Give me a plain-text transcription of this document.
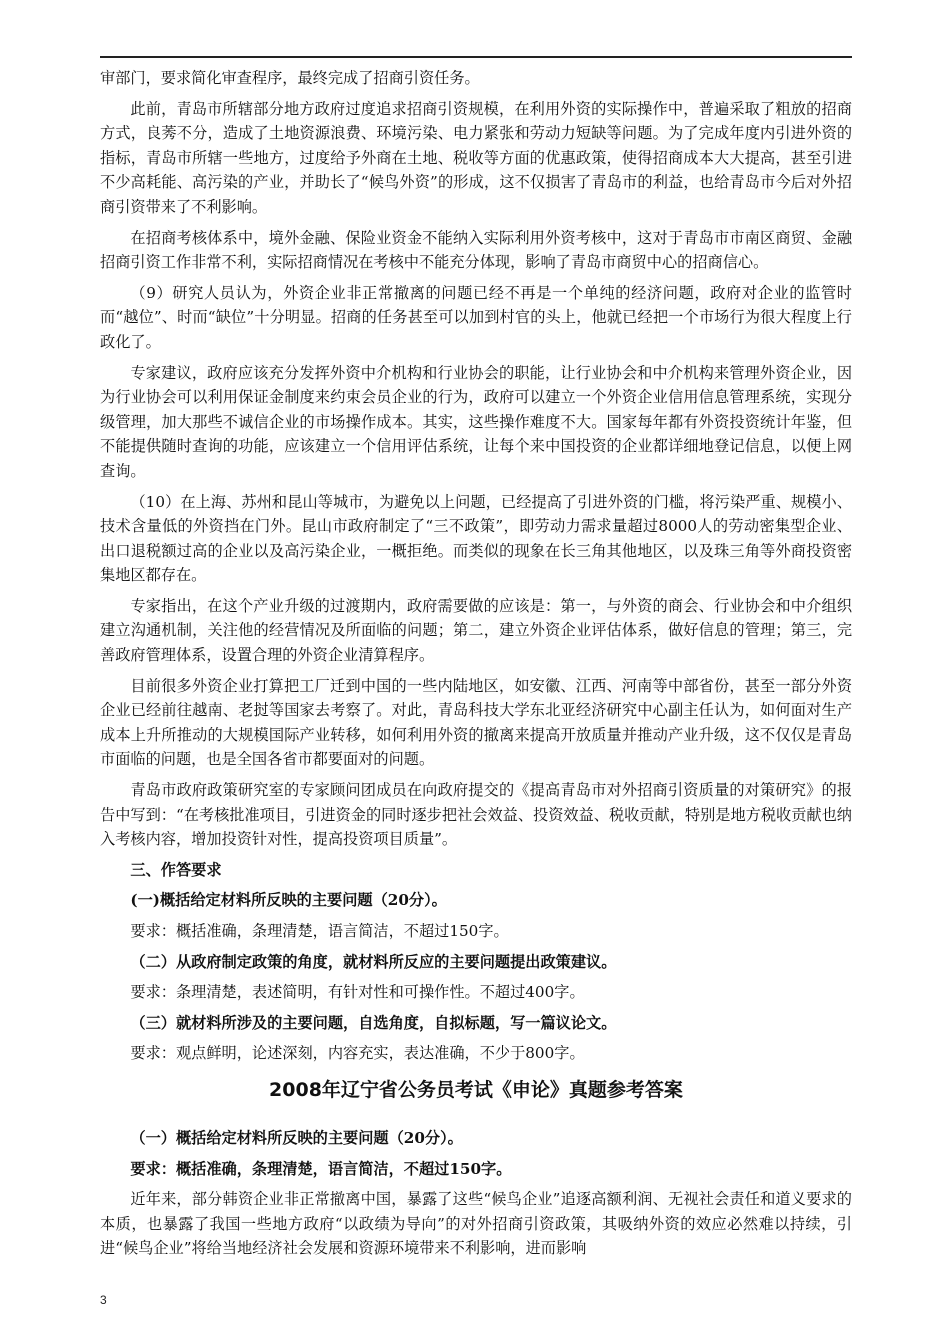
审部门，要求简化审查程序，最终完成了招商引资任务。

此前，青岛市所辖部分地方政府过度追求招商引资规模，在利用外资的实际操作中，普遍采取了粗放的招商方式，良莠不分，造成了土地资源浪费、环境污染、电力紧张和劳动力短缺等问题。为了完成年度内引进外资的指标，青岛市所辖一些地方，过度给予外商在土地、税收等方面的优惠政策，使得招商成本大大提高，甚至引进不少高耗能、高污染的产业，并助长了“候鸟外资”的形成，这不仅损害了青岛市的利益，也给青岛市今后对外招商引资带来了不利影响。

在招商考核体系中，境外金融、保险业资金不能纳入实际利用外资考核中，这对于青岛市市南区商贸、金融招商引资工作非常不利，实际招商情况在考核中不能充分体现，影响了青岛市商贸中心的招商信心。

（9）研究人员认为，外资企业非正常撤离的问题已经不再是一个单纯的经济问题，政府对企业的监管时而“越位”、时而“缺位”十分明显。招商的任务甚至可以加到村官的头上，他就已经把一个市场行为很大程度上行政化了。

专家建议，政府应该充分发挥外资中介机构和行业协会的职能，让行业协会和中介机构来管理外资企业，因为行业协会可以利用保证金制度来约束会员企业的行为，政府可以建立一个外资企业信用信息管理系统，实现分级管理，加大那些不诚信企业的市场操作成本。其实，这些操作难度不大。国家每年都有外资投资统计年鉴，但不能提供随时查询的功能，应该建立一个信用评估系统，让每个来中国投资的企业都详细地登记信息，以便上网查询。

（10）在上海、苏州和昆山等城市，为避免以上问题，已经提高了引进外资的门槛，将污染严重、规模小、技术含量低的外资挡在门外。昆山市政府制定了“三不政策”，即劳动力需求量超过8000人的劳动密集型企业、出口退税额过高的企业以及高污染企业，一概拒绝。而类似的现象在长三角其他地区，以及珠三角等外商投资密集地区都存在。

专家指出，在这个产业升级的过渡期内，政府需要做的应该是：第一，与外资的商会、行业协会和中介组织建立沟通机制，关注他的经营情况及所面临的问题；第二，建立外资企业评估体系，做好信息的管理；第三，完善政府管理体系，设置合理的外资企业清算程序。

目前很多外资企业打算把工厂迁到中国的一些内陆地区，如安徽、江西、河南等中部省份，甚至一部分外资企业已经前往越南、老挝等国家去考察了。对此，青岛科技大学东北亚经济研究中心副主任认为，如何面对生产成本上升所推动的大规模国际产业转移，如何利用外资的撤离来提高开放质量并推动产业升级，这不仅仅是青岛市面临的问题，也是全国各省市都要面对的问题。

青岛市政府政策研究室的专家顾问团成员在向政府提交的《提高青岛市对外招商引资质量的对策研究》的报告中写到：“在考核批准项目，引进资金的同时逐步把社会效益、投资效益、税收贡献，特别是地方税收贡献也纳入考核内容，增加投资针对性，提高投资项目质量”。

三、作答要求

(一)概括给定材料所反映的主要问题（20分）。

要求：概括准确，条理清楚，语言简洁，不超过150字。

（二）从政府制定政策的角度，就材料所反应的主要问题提出政策建议。

要求：条理清楚，表述简明，有针对性和可操作性。不超过400字。

（三）就材料所涉及的主要问题，自选角度，自拟标题，写一篇议论文。

要求：观点鲜明，论述深刻，内容充实，表达准确，不少于800字。

2008年辽宁省公务员考试《申论》真题参考答案

（一）概括给定材料所反映的主要问题（20分）。

要求：概括准确，条理清楚，语言简洁，不超过150字。

近年来，部分韩资企业非正常撤离中国，暴露了这些“候鸟企业”追逐高额利润、无视社会责任和道义要求的本质，也暴露了我国一些地方政府“以政绩为导向”的对外招商引资政策，其吸纳外资的效应必然难以持续，引进“候鸟企业”将给当地经济社会发展和资源环境带来不利影响，进而影响

3
